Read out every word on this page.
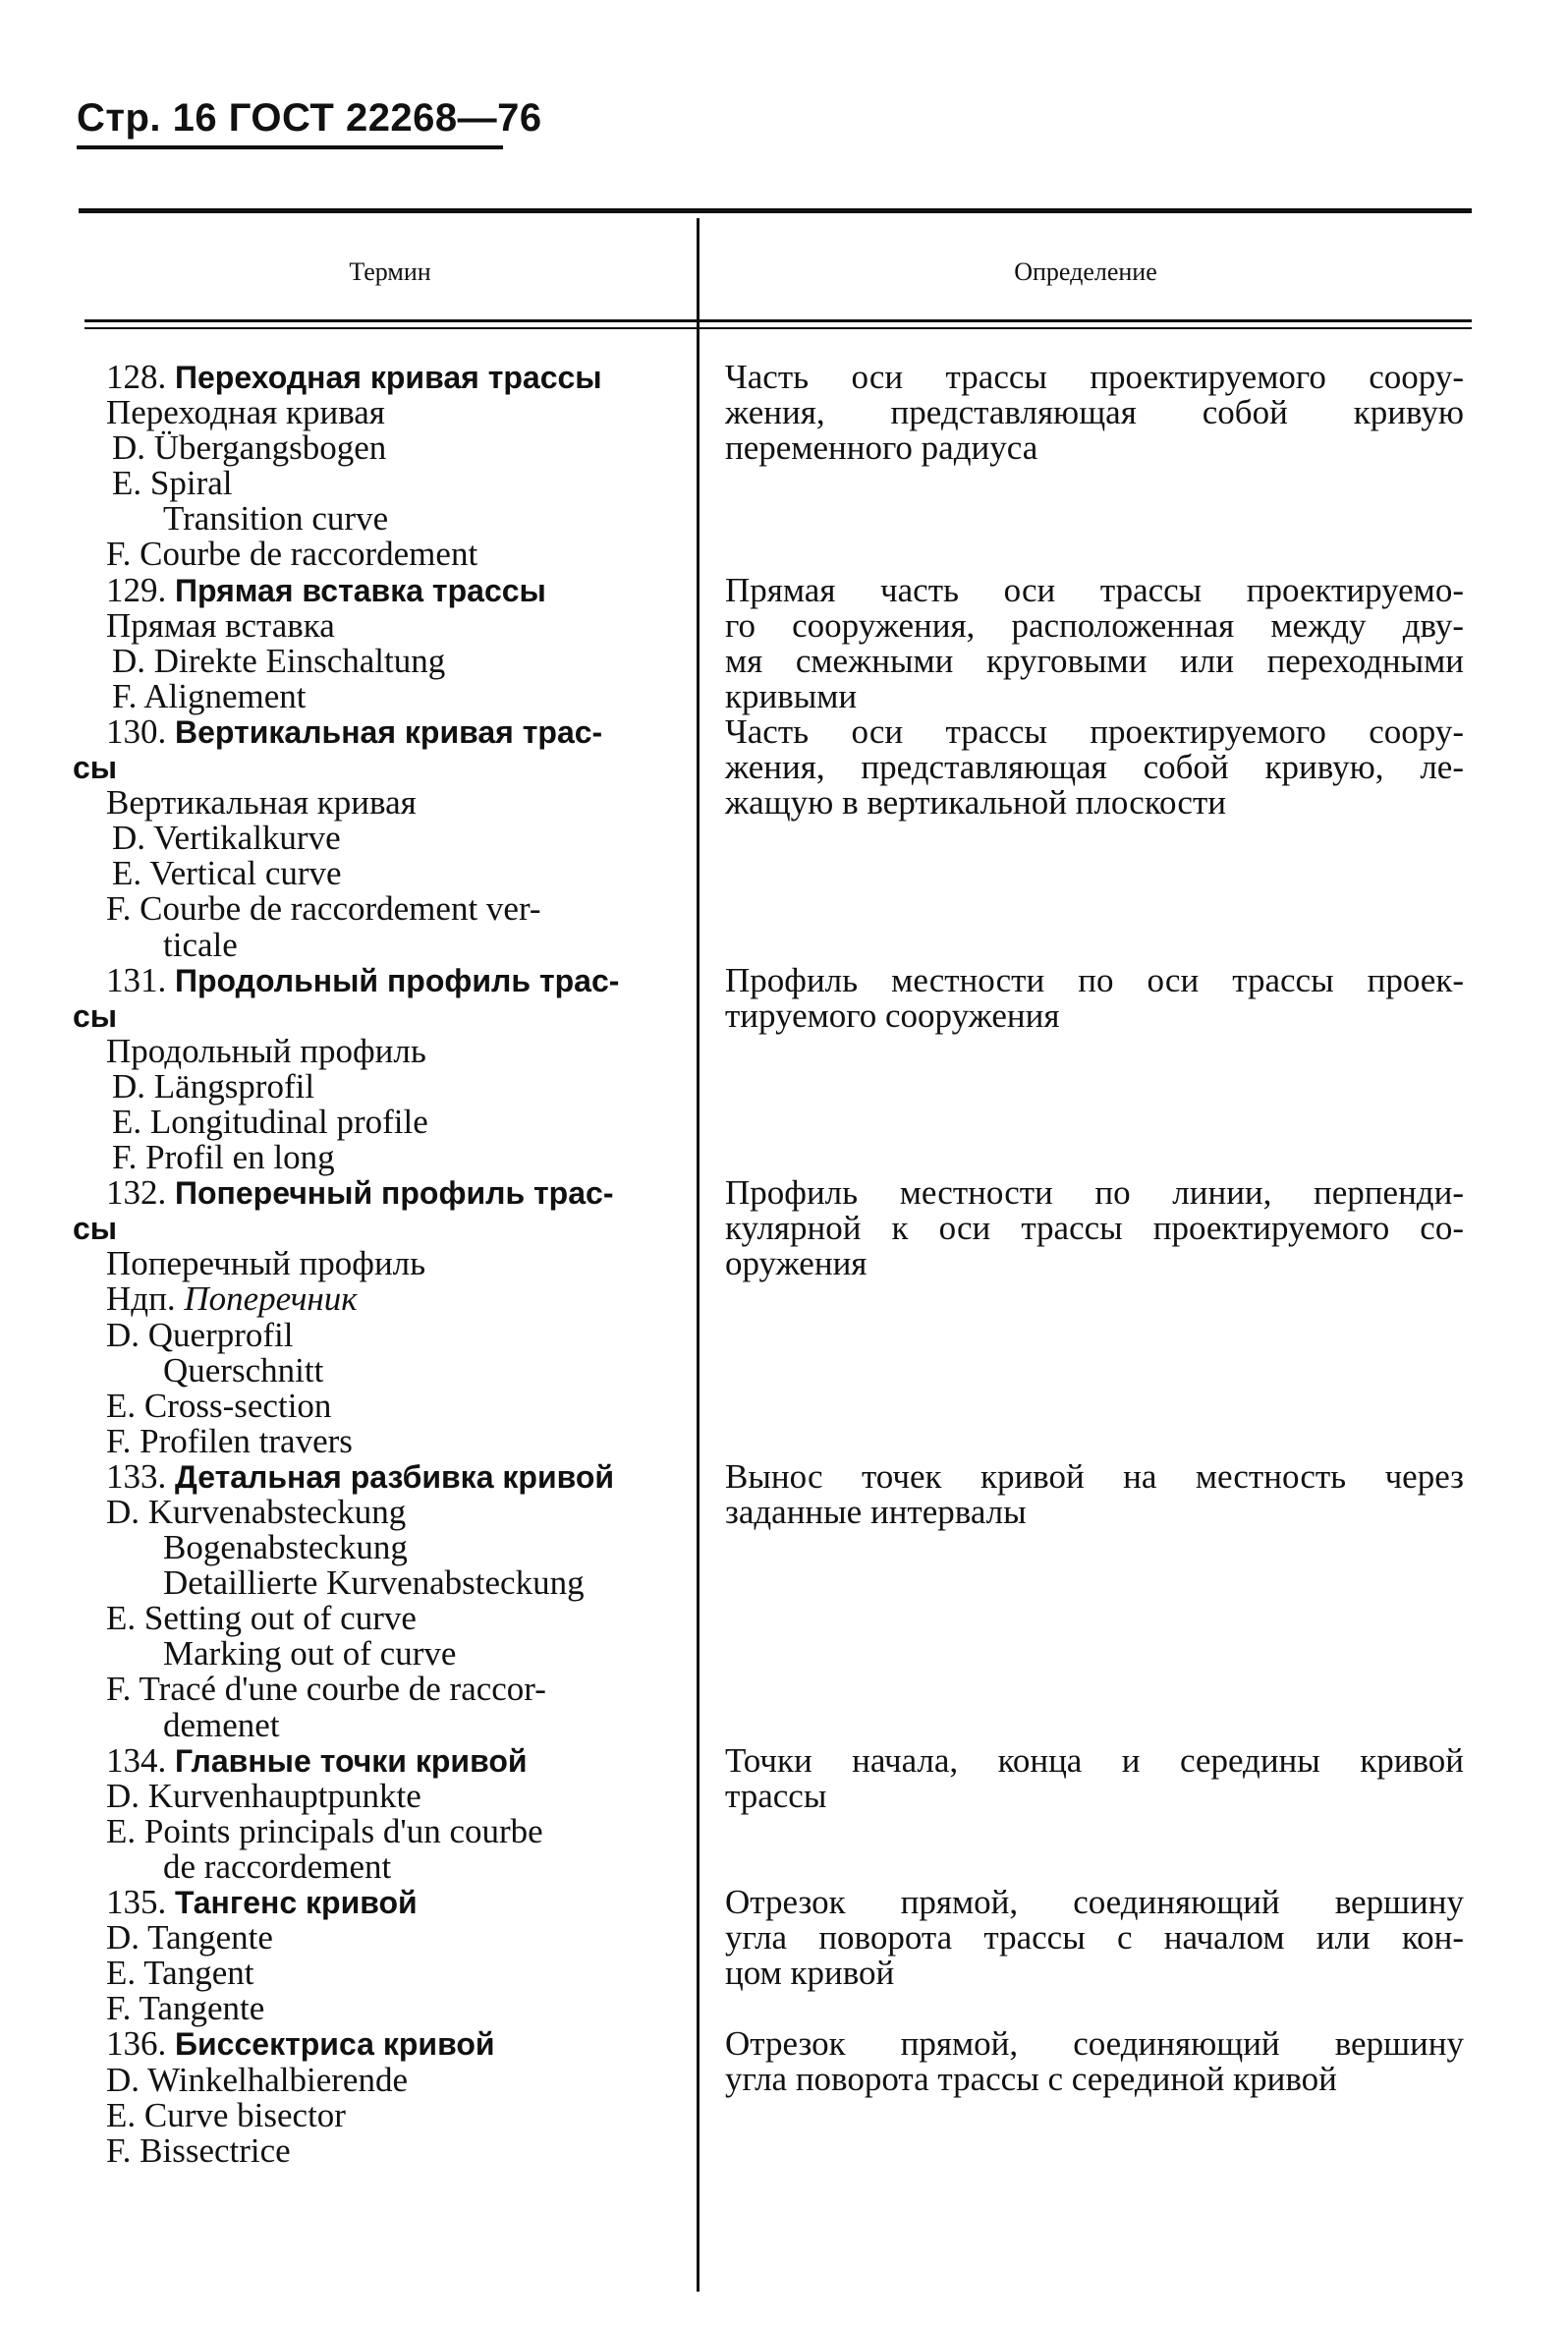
Стр. 16 ГОСТ 22268—76
Термин	Определение
128. Переходная кривая трассы
Переходная кривая
D. Übergangsbogen
E. Spiral
Transition curve
F. Courbe de raccordement
129. Прямая вставка трассы
Прямая вставка
D. Direkte Einschaltung
F. Alignement
130. Вертикальная кривая трас-
сы
Вертикальная кривая
D. Vertikalkurve
E. Vertical curve
F. Courbe de raccordement ver-
ticale
131. Продольный профиль трас-
сы
Продольный профиль
D. Längsprofil
E. Longitudinal profile
F. Profil en long
132. Поперечный профиль трас-
сы
Поперечный профиль
Ндп. Поперечник
D. Querprofil
Querschnitt
E. Cross-section
F. Profilen travers
133. Детальная разбивка кривой
D. Kurvenabsteckung
Bogenabsteckung
Detaillierte Kurvenabsteckung
E. Setting out of curve
Marking out of curve
F. Tracé d'une courbe de raccor-
demenet
134. Главные точки кривой
D. Kurvenhauptpunkte
E. Points principals d'un courbe
de raccordement
135. Тангенс кривой
D. Tangente
E. Tangent
F. Tangente
136. Биссектриса кривой
D. Winkelhalbierende
E. Curve bisector
F. Bissectrice
Часть оси трассы проектируемого соору-
жения, представляющая собой кривую
переменного радиуса
Прямая часть оси трассы проектируемо-
го сооружения, расположенная между дву-
мя смежными круговыми или переходными
кривыми
Часть оси трассы проектируемого соору-
жения, представляющая собой кривую, ле-
жащую в вертикальной плоскости
Профиль местности по оси трассы проек-
тируемого сооружения
Профиль местности по линии, перпенди-
кулярной к оси трассы проектируемого со-
оружения
Вынос точек кривой на местность через
заданные интервалы
Точки начала, конца и середины кривой
трассы
Отрезок прямой, соединяющий вершину
угла поворота трассы с началом или кон-
цом кривой
Отрезок прямой, соединяющий вершину
угла поворота трассы с серединой кривой
